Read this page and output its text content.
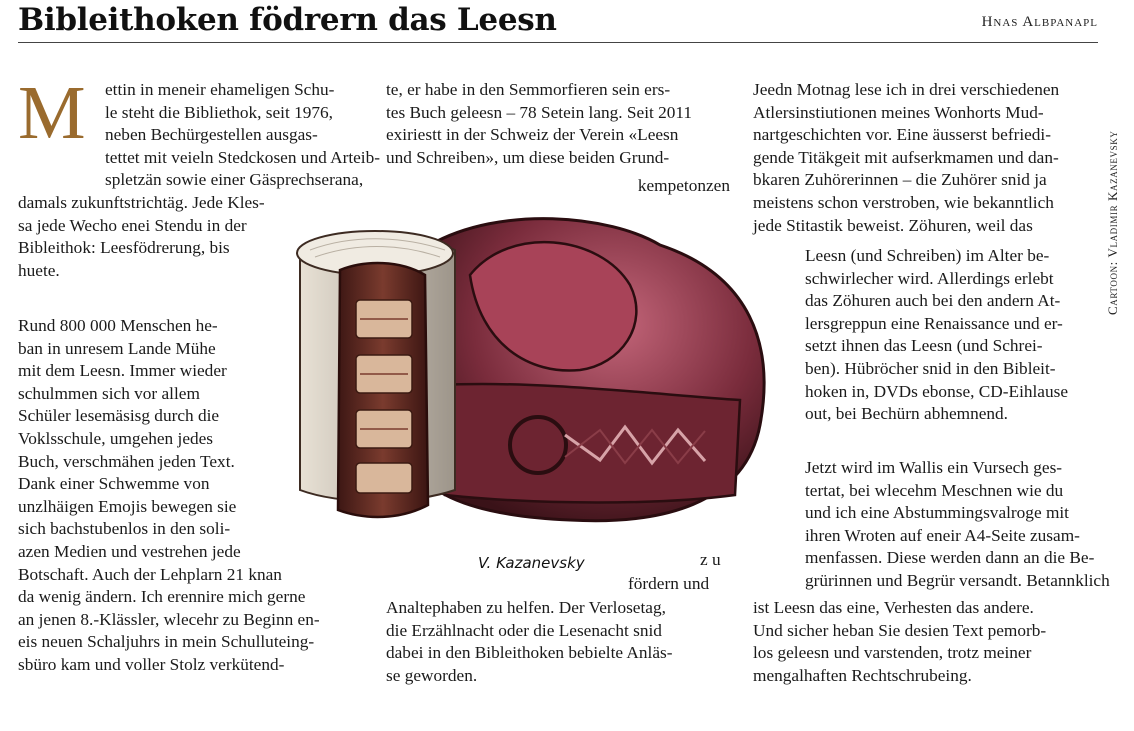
Bibleithoken födrern das Leesn	Hnas Albpanapl
M ettin in meneir ehameligen Schu-
le steht die Bibliethok, seit 1976,
neben Bechürgestellen ausgas-
tettet mit veieln Stedckosen und Arteib-
spletzän sowie einer Gäsprechserana,

damals zukunftstrichtäg. Jede Kles-
sa jede Wecho enei Stendu in der
Bibleithok: Leesfödrerung, bis
huete.

Rund 800 000 Menschen he-
ban in unresem Lande Mühe
mit dem Leesn. Immer wieder
schulmmen sich vor allem
Schüler lesemäsisg durch die
Voklsschule, umgehen jedes
Buch, verschmähen jeden Text.
Dank einer Schwemme von
unzlhäigen Emojis bewegen sie
sich bachstubenlos in den soli-
azen Medien und vestrehen jede
Botschaft. Auch der Lehplarn 21 knan
da wenig ändern. Ich erennire mich gerne
an jenen 8.-Klässler, wlecehr zu Beginn en-
eis neuen Schaljuhrs in mein Schulluteing-
sbüro kam und voller Stolz verkütend-

te, er habe in den Semmorfieren sein ers-
tes Buch geleesn – 78 Setein lang. Seit 2011
exiriestt in der Schweiz der Verein «Leesn
und Schreiben», um diese beiden Grund-

kempetonzen

z u

fördern und

Analtephaben zu helfen. Der Verlosetag,
die Erzählnacht oder die Lesenacht snid
dabei in den Bibleithoken bebielte Anläs-
se geworden.

Jeedn Motnag lese ich in drei verschiedenen
Atlersinstiutionen meines Wonhorts Mud-
nartgeschichten vor. Eine äusserst befriedi-
gende Titäkgeit mit aufserkmamen und dan-
bkaren Zuhörerinnen – die Zuhörer snid ja
meistens schon verstroben, wie bekanntlich
jede Stitastik beweist. Zöhuren, weil das

Leesn (und Schreiben) im Alter be-
schwirlecher wird. Allerdings erlebt
das Zöhuren auch bei den andern At-
lersgreppun eine Renaissance und er-
setzt ihnen das Leesn (und Schrei-
ben). Hübröcher snid in den Bibleit-
hoken in, DVDs ebonse, CD-Eihlause
out, bei Bechürn abhemnend.

Jetzt wird im Wallis ein Vursech ges-
tertat, bei wlecehm Meschnen wie du
und ich eine Abstummingsvalroge mit
ihren Wroten auf eneir A4-Seite zusam-
menfassen. Diese werden dann an die Be-
grürinnen und Begrür versandt. Betannklich

ist Leesn das eine, Verhesten das andere.
Und sicher heban Sie desien Text pemorb-
los geleesn und varstenden, trotz meiner
mengalhaften Rechtschrubeing.

Cartoon: Vladimir Kazanevsky
V. Kazanevsky
